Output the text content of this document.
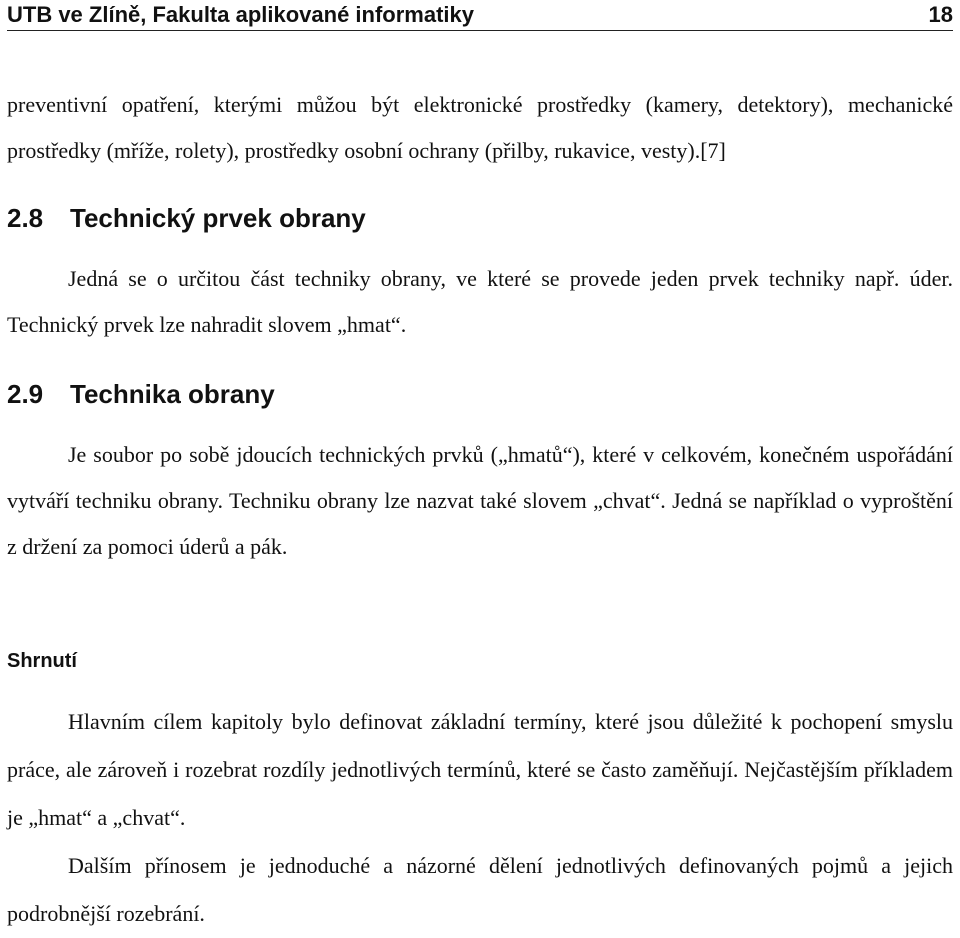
UTB ve Zlíně, Fakulta aplikované informatiky	18

preventivní opatření, kterými můžou být elektronické prostředky (kamery, detektory), mechanické prostředky (mříže, rolety), prostředky osobní ochrany (přilby, rukavice, vesty).[7]

2.8 Technický prvek obrany

Jedná se o určitou část techniky obrany, ve které se provede jeden prvek techniky např. úder. Technický prvek lze nahradit slovem „hmat“.

2.9 Technika obrany

Je soubor po sobě jdoucích technických prvků („hmatů“), které v celkovém, konečném uspořádání vytváří techniku obrany. Techniku obrany lze nazvat také slovem „chvat“. Jedná se například o vyproštění z držení za pomoci úderů a pák.

Shrnutí

Hlavním cílem kapitoly bylo definovat základní termíny, které jsou důležité k pochopení smyslu práce, ale zároveň i rozebrat rozdíly jednotlivých termínů, které se často zaměňují. Nejčastějším příkladem je „hmat“ a „chvat“.

Dalším přínosem je jednoduché a názorné dělení jednotlivých definovaných pojmů a jejich podrobnější rozebrání.
